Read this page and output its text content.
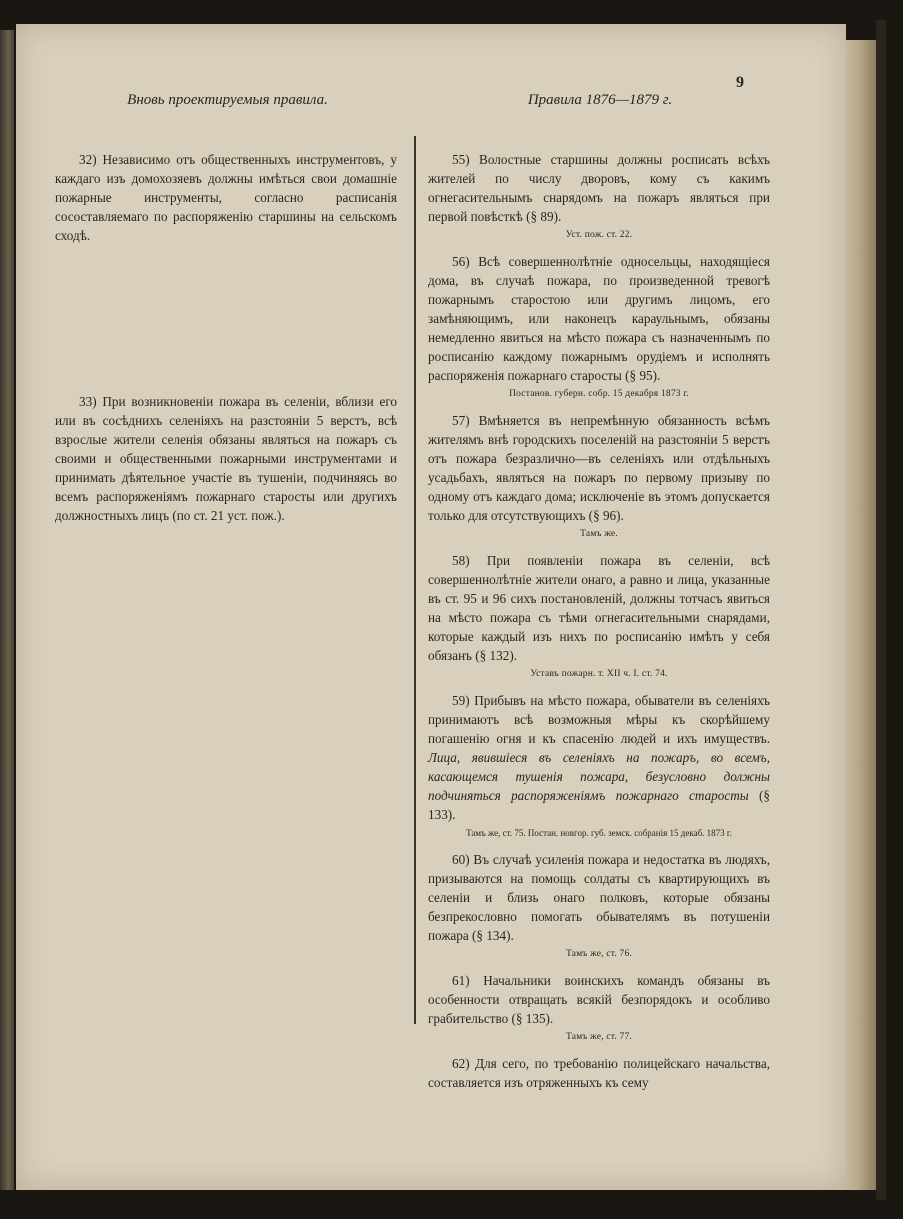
Вновь проектируемыя правила.	Правила 1876—1879 г.
9

32) Независимо отъ общественныхъ инструментовъ, у каждаго изъ домохозяевъ должны имѣться свои домашніе пожарные инструменты, согласно расписанія сосоставляемаго по распоряженію старшины на сельскомъ сходѣ.

33) При возникновеніи пожара въ селеніи, вблизи его или въ сосѣднихъ селеніяхъ на разстояніи 5 верстъ, всѣ взрослые жители селенія обязаны являться на пожаръ съ своими и общественными пожарными инструментами и принимать дѣятельное участіе въ тушеніи, подчиняясь во всемъ распоряженіямъ пожарнаго старосты или другихъ должностныхъ лицъ (по ст. 21 уст. пож.).

55) Волостные старшины должны росписать всѣхъ жителей по числу дворовъ, кому съ какимъ огнегасительнымъ снарядомъ на пожаръ являться при первой повѣсткѣ (§ 89).

Уст. пож. ст. 22.

56) Всѣ совершеннолѣтніе односельцы, находящіеся дома, въ случаѣ пожара, по произведенной тревогѣ пожарнымъ старостою или другимъ лицомъ, его замѣняющимъ, или наконецъ караульнымъ, обязаны немедленно явиться на мѣсто пожара съ назначеннымъ по росписанію каждому пожарнымъ орудіемъ и исполнять распоряженія пожарнаго старосты (§ 95).

Постанов. губерн. собр. 15 декабря 1873 г.

57) Вмѣняется въ непремѣнную обязанность всѣмъ жителямъ внѣ городскихъ поселеній на разстояніи 5 верстъ отъ пожара безразлично—въ селеніяхъ или отдѣльныхъ усадьбахъ, являться на пожаръ по первому призыву по одному отъ каждаго дома; исключеніе въ этомъ допускается только для отсутствующихъ (§ 96).

Тамъ же.

58) При появленіи пожара въ селеніи, всѣ совершеннолѣтніе жители онаго, а равно и лица, указанные въ ст. 95 и 96 сихъ постановленій, должны тотчасъ явиться на мѣсто пожара съ тѣми огнегасительными снарядами, которые каждый изъ нихъ по росписанію имѣть у себя обязанъ (§ 132).

Уставъ пожарн. т. XII ч. I. ст. 74.

59) Прибывъ на мѣсто пожара, обыватели въ селеніяхъ принимаютъ всѣ возможныя мѣры къ скорѣйшему погашенію огня и къ спасенію людей и ихъ имуществъ. Лица, явившіеся въ селеніяхъ на пожаръ, во всемъ, касающемся тушенія пожара, безусловно должны подчиняться распоряженіямъ пожарнаго старосты (§ 133).

Тамъ же, ст. 75. Постан. новгор. губ. земск. собранія 15 декаб. 1873 г.

60) Въ случаѣ усиленія пожара и недостатка въ людяхъ, призываются на помощь солдаты съ квартирующихъ въ селеніи и близь онаго полковъ, которые обязаны безпрекословно помогать обывателямъ въ потушеніи пожара (§ 134).

Тамъ же, ст. 76.

61) Начальники воинскихъ командъ обязаны въ особенности отвращать всякій безпорядокъ и особливо грабительство (§ 135).

Тамъ же, ст. 77.

62) Для сего, по требованію полицейскаго начальства, составляется изъ отряженныхъ къ сему
